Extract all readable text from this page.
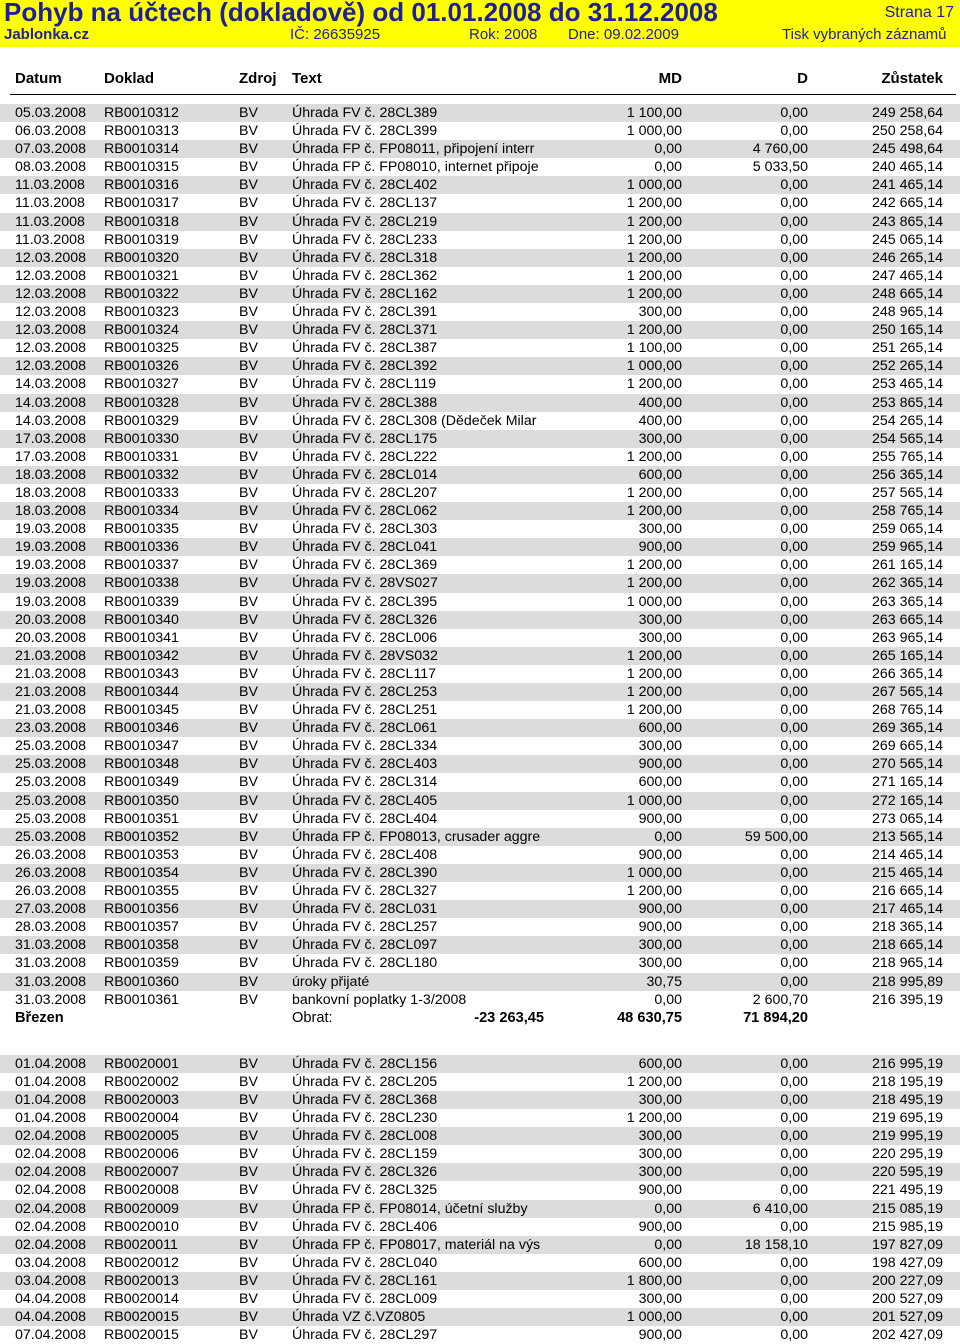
Pohyb na účtech (dokladově) od 01.01.2008 do 31.12.2008	Strana 17
Jablonka.cz	IČ: 26635925	Rok: 2008 Dne: 09.02.2009	Tisk vybraných záznamů
Datum	Doklad	Zdroj Text	MD	D	Zůstatek
05.03.2008 RB0010312	BV Úhrada FV č. 28CL389	1 100,00	0,00	249 258,64
06.03.2008 RB0010313	BV Úhrada FV č. 28CL399	1 000,00	0,00	250 258,64
07.03.2008 RB0010314	BV Úhrada FP č. FP08011, připojení interr	0,00	4 760,00	245 498,64
08.03.2008 RB0010315	BV Úhrada FP č. FP08010, internet připoje	0,00	5 033,50	240 465,14
11.03.2008 RB0010316	BV Úhrada FV č. 28CL402	1 000,00	0,00	241 465,14
11.03.2008 RB0010317	BV Úhrada FV č. 28CL137	1 200,00	0,00	242 665,14
11.03.2008 RB0010318	BV Úhrada FV č. 28CL219	1 200,00	0,00	243 865,14
11.03.2008 RB0010319	BV Úhrada FV č. 28CL233	1 200,00	0,00	245 065,14
12.03.2008 RB0010320	BV Úhrada FV č. 28CL318	1 200,00	0,00	246 265,14
12.03.2008 RB0010321	BV Úhrada FV č. 28CL362	1 200,00	0,00	247 465,14
12.03.2008 RB0010322	BV Úhrada FV č. 28CL162	1 200,00	0,00	248 665,14
12.03.2008 RB0010323	BV Úhrada FV č. 28CL391	300,00	0,00	248 965,14
12.03.2008 RB0010324	BV Úhrada FV č. 28CL371	1 200,00	0,00	250 165,14
12.03.2008 RB0010325	BV Úhrada FV č. 28CL387	1 100,00	0,00	251 265,14
12.03.2008 RB0010326	BV Úhrada FV č. 28CL392	1 000,00	0,00	252 265,14
14.03.2008 RB0010327	BV Úhrada FV č. 28CL119	1 200,00	0,00	253 465,14
14.03.2008 RB0010328	BV Úhrada FV č. 28CL388	400,00	0,00	253 865,14
14.03.2008 RB0010329	BV Úhrada FV č. 28CL308 (Dědeček Milar	400,00	0,00	254 265,14
17.03.2008 RB0010330	BV Úhrada FV č. 28CL175	300,00	0,00	254 565,14
17.03.2008 RB0010331	BV Úhrada FV č. 28CL222	1 200,00	0,00	255 765,14
18.03.2008 RB0010332	BV Úhrada FV č. 28CL014	600,00	0,00	256 365,14
18.03.2008 RB0010333	BV Úhrada FV č. 28CL207	1 200,00	0,00	257 565,14
18.03.2008 RB0010334	BV Úhrada FV č. 28CL062	1 200,00	0,00	258 765,14
19.03.2008 RB0010335	BV Úhrada FV č. 28CL303	300,00	0,00	259 065,14
19.03.2008 RB0010336	BV Úhrada FV č. 28CL041	900,00	0,00	259 965,14
19.03.2008 RB0010337	BV Úhrada FV č. 28CL369	1 200,00	0,00	261 165,14
19.03.2008 RB0010338	BV Úhrada FV č. 28VS027	1 200,00	0,00	262 365,14
19.03.2008 RB0010339	BV Úhrada FV č. 28CL395	1 000,00	0,00	263 365,14
20.03.2008 RB0010340	BV Úhrada FV č. 28CL326	300,00	0,00	263 665,14
20.03.2008 RB0010341	BV Úhrada FV č. 28CL006	300,00	0,00	263 965,14
21.03.2008 RB0010342	BV Úhrada FV č. 28VS032	1 200,00	0,00	265 165,14
21.03.2008 RB0010343	BV Úhrada FV č. 28CL117	1 200,00	0,00	266 365,14
21.03.2008 RB0010344	BV Úhrada FV č. 28CL253	1 200,00	0,00	267 565,14
21.03.2008 RB0010345	BV Úhrada FV č. 28CL251	1 200,00	0,00	268 765,14
23.03.2008 RB0010346	BV Úhrada FV č. 28CL061	600,00	0,00	269 365,14
25.03.2008 RB0010347	BV Úhrada FV č. 28CL334	300,00	0,00	269 665,14
25.03.2008 RB0010348	BV Úhrada FV č. 28CL403	900,00	0,00	270 565,14
25.03.2008 RB0010349	BV Úhrada FV č. 28CL314	600,00	0,00	271 165,14
25.03.2008 RB0010350	BV Úhrada FV č. 28CL405	1 000,00	0,00	272 165,14
25.03.2008 RB0010351	BV Úhrada FV č. 28CL404	900,00	0,00	273 065,14
25.03.2008 RB0010352	BV Úhrada FP č. FP08013, crusader aggre	0,00	59 500,00	213 565,14
26.03.2008 RB0010353	BV Úhrada FV č. 28CL408	900,00	0,00	214 465,14
26.03.2008 RB0010354	BV Úhrada FV č. 28CL390	1 000,00	0,00	215 465,14
26.03.2008 RB0010355	BV Úhrada FV č. 28CL327	1 200,00	0,00	216 665,14
27.03.2008 RB0010356	BV Úhrada FV č. 28CL031	900,00	0,00	217 465,14
28.03.2008 RB0010357	BV Úhrada FV č. 28CL257	900,00	0,00	218 365,14
31.03.2008 RB0010358	BV Úhrada FV č. 28CL097	300,00	0,00	218 665,14
31.03.2008 RB0010359	BV Úhrada FV č. 28CL180	300,00	0,00	218 965,14
31.03.2008 RB0010360	BV úroky přijaté	30,75	0,00	218 995,89
31.03.2008 RB0010361	BV bankovní poplatky 1-3/2008	0,00	2 600,70	216 395,19
Březen	Obrat:	-23 263,45	48 630,75	71 894,20
01.04.2008 RB0020001	BV Úhrada FV č. 28CL156	600,00	0,00	216 995,19
01.04.2008 RB0020002	BV Úhrada FV č. 28CL205	1 200,00	0,00	218 195,19
01.04.2008 RB0020003	BV Úhrada FV č. 28CL368	300,00	0,00	218 495,19
01.04.2008 RB0020004	BV Úhrada FV č. 28CL230	1 200,00	0,00	219 695,19
02.04.2008 RB0020005	BV Úhrada FV č. 28CL008	300,00	0,00	219 995,19
02.04.2008 RB0020006	BV Úhrada FV č. 28CL159	300,00	0,00	220 295,19
02.04.2008 RB0020007	BV Úhrada FV č. 28CL326	300,00	0,00	220 595,19
02.04.2008 RB0020008	BV Úhrada FV č. 28CL325	900,00	0,00	221 495,19
02.04.2008 RB0020009	BV Úhrada FP č. FP08014, účetní služby	0,00	6 410,00	215 085,19
02.04.2008 RB0020010	BV Úhrada FV č. 28CL406	900,00	0,00	215 985,19
02.04.2008 RB0020011	BV Úhrada FP č. FP08017, materiál na výs	0,00	18 158,10	197 827,09
03.04.2008 RB0020012	BV Úhrada FV č. 28CL040	600,00	0,00	198 427,09
03.04.2008 RB0020013	BV Úhrada FV č. 28CL161	1 800,00	0,00	200 227,09
04.04.2008 RB0020014	BV Úhrada FV č. 28CL009	300,00	0,00	200 527,09
04.04.2008 RB0020015	BV Úhrada VZ č.VZ0805	1 000,00	0,00	201 527,09
07.04.2008 RB0020015	BV Úhrada FV č. 28CL297	900,00	0,00	202 427,09
